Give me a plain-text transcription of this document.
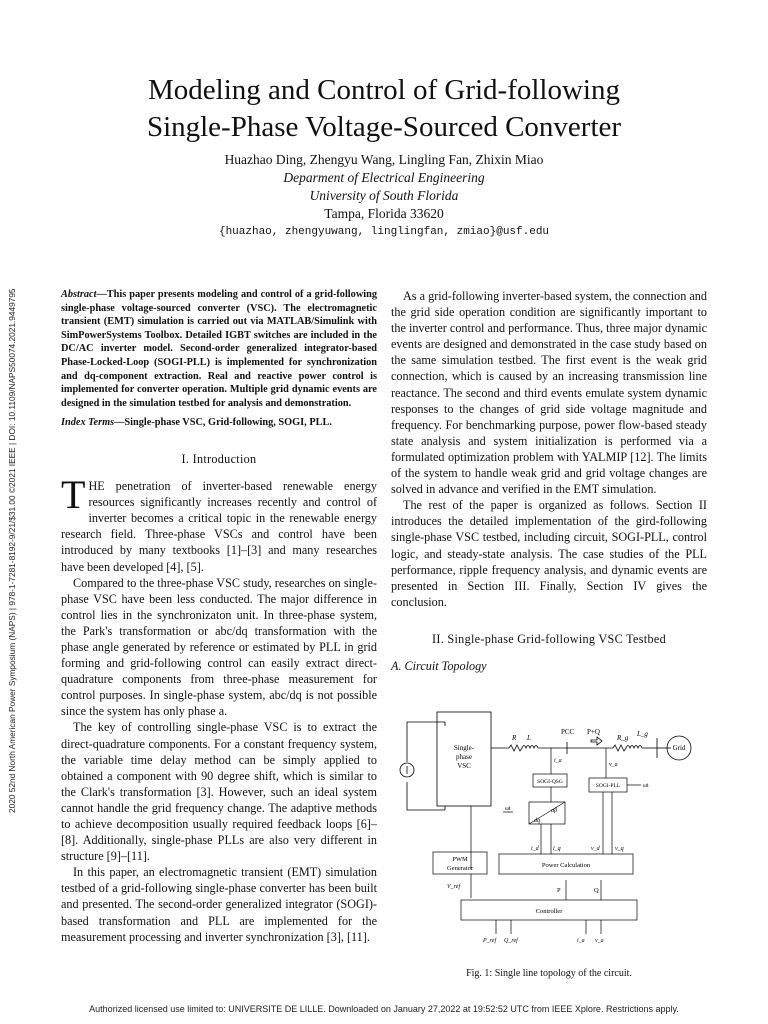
2020 52nd North American Power Symposium (NAPS) | 978-1-7281-8192-9/21/$31.00 ©2021 IEEE | DOI: 10.1109/NAPS50074.2021.9449795
Modeling and Control of Grid-following
Single-Phase Voltage-Sourced Converter
Huazhao Ding, Zhengyu Wang, Lingling Fan, Zhixin Miao
Deparment of Electrical Engineering
University of South Florida
Tampa, Florida 33620
{huazhao, zhengyuwang, linglingfan, zmiao}@usf.edu
Abstract—This paper presents modeling and control of a grid-following single-phase voltage-sourced converter (VSC). The electromagnetic transient (EMT) simulation is carried out via MATLAB/Simulink with SimPowerSystems Toolbox. Detailed IGBT switches are included in the DC/AC inverter model. Second-order generalized integrator-based Phase-Locked-Loop (SOGI-PLL) is implemented for synchronization and dq-component extraction. Real and reactive power control is implemented for converter operation. Multiple grid dynamic events are designed in the simulation testbed for analysis and demonstration.
Index Terms—Single-phase VSC, Grid-following, SOGI, PLL.
I. Introduction

THE penetration of inverter-based renewable energy resources significantly increases recently and control of inverter becomes a critical topic in the renewable energy research field. Three-phase VSCs and control have been introduced by many textbooks [1]–[3] and many researches have been developed [4], [5].

Compared to the three-phase VSC study, researches on single-phase VSC have been less conducted. The major difference in control lies in the synchronizaton unit. In three-phase system, the Park's transformation or abc/dq transformation with the phase angle generated by reference or estimated by PLL in grid forming and grid-following control can easily extract direct-quadrature components from three-phase measurement for control purposes. In single-phase system, abc/dq is not possible since the system has only phase a.

The key of controlling single-phase VSC is to extract the direct-quadrature components. For a constant frequency system, the variable time delay method can be simply applied to obtained a component with 90 degree shift, which is similar to the Clark's transformation [3]. However, such an ideal system cannot handle the grid frequency change. The adaptive methods to achieve decomposition usually required feedback loops [6]–[8]. Additionally, single-phase PLLs are also very different in structure [9]–[11].

In this paper, an electromagnetic transient (EMT) simulation testbed of a grid-following single-phase converter has been built and presented. The second-order generalized integrator (SOGI)-based transformation and PLL are implemented for the measurement processing and inverter synchronization [3], [11].

As a grid-following inverter-based system, the connection and the grid side operation condition are significantly important to the inverter control and performance. Thus, three major dynamic events are designed and demonstrated in the case study based on the same simulation testbed. The first event is the weak grid connection, which is caused by an increasing transmission line reactance. The second and third events emulate system dynamic responses to the changes of grid side voltage magnitude and frequency. For benchmarking purpose, power flow-based steady state analysis and system initialization is performed via a formulated optimization problem with YALMIP [12]. The limits of the system to handle weak grid and grid voltage changes are solved in advance and verified in the EMT simulation.

The rest of the paper is organized as follows. Section II introduces the detailed implementation of the gird-following single-phase VSC testbed, including circuit, SOGI-PLL, control logic, and steady-state analysis. The case studies of the PLL performance, ripple frequency analysis, and dynamic events are presented in Section III. Finally, Section IV gives the conclusion.

II. Single-phase Grid-following VSC Testbed
A. Circuit Topology
Single-
phase
VSC
R L
PCC P+Q
R_g L_g
Grid
i_a
v_a
SOGI-QSG
SOGI-PLL	ωt
αβ
dq
ωt
PWM
Generator
i_d i_q	v_d	v_q
Power Calculation
V_ref	P	Q
Controller
P_ref Q_ref	i_a v_a
Fig. 1: Single line topology of the circuit.
Authorized licensed use limited to: UNIVERSITE DE LILLE. Downloaded on January 27,2022 at 19:52:52 UTC from IEEE Xplore. Restrictions apply.
